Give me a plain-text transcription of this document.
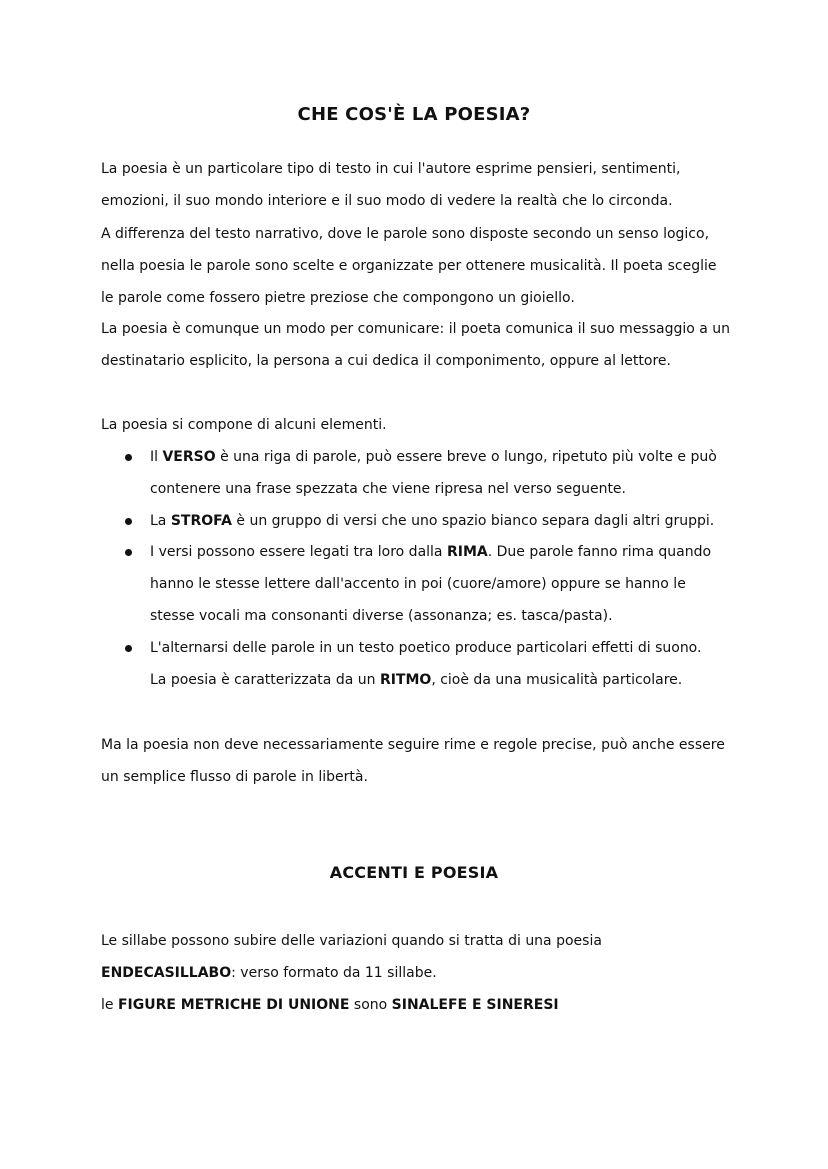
CHE COS'È LA POESIA?
La poesia è un particolare tipo di testo in cui l'autore esprime pensieri, sentimenti,
emozioni, il suo mondo interiore e il suo modo di vedere la realtà che lo circonda.
A differenza del testo narrativo, dove le parole sono disposte secondo un senso logico,
nella poesia le parole sono scelte e organizzate per ottenere musicalità. Il poeta sceglie
le parole come fossero pietre preziose che compongono un gioiello.
La poesia è comunque un modo per comunicare: il poeta comunica il suo messaggio a un
destinatario esplicito, la persona a cui dedica il componimento, oppure al lettore.
La poesia si compone di alcuni elementi.
Il VERSO è una riga di parole, può essere breve o lungo, ripetuto più volte e può
contenere una frase spezzata che viene ripresa nel verso seguente.
La STROFA è un gruppo di versi che uno spazio bianco separa dagli altri gruppi.
I versi possono essere legati tra loro dalla RIMA. Due parole fanno rima quando
hanno le stesse lettere dall'accento in poi (cuore/amore) oppure se hanno le
stesse vocali ma consonanti diverse (assonanza; es. tasca/pasta).
L'alternarsi delle parole in un testo poetico produce particolari effetti di suono.
La poesia è caratterizzata da un RITMO, cioè da una musicalità particolare.
Ma la poesia non deve necessariamente seguire rime e regole precise, può anche essere
un semplice flusso di parole in libertà.
ACCENTI E POESIA
Le sillabe possono subire delle variazioni quando si tratta di una poesia
ENDECASILLABO: verso formato da 11 sillabe.
le FIGURE METRICHE DI UNIONE sono SINALEFE E SINERESI
